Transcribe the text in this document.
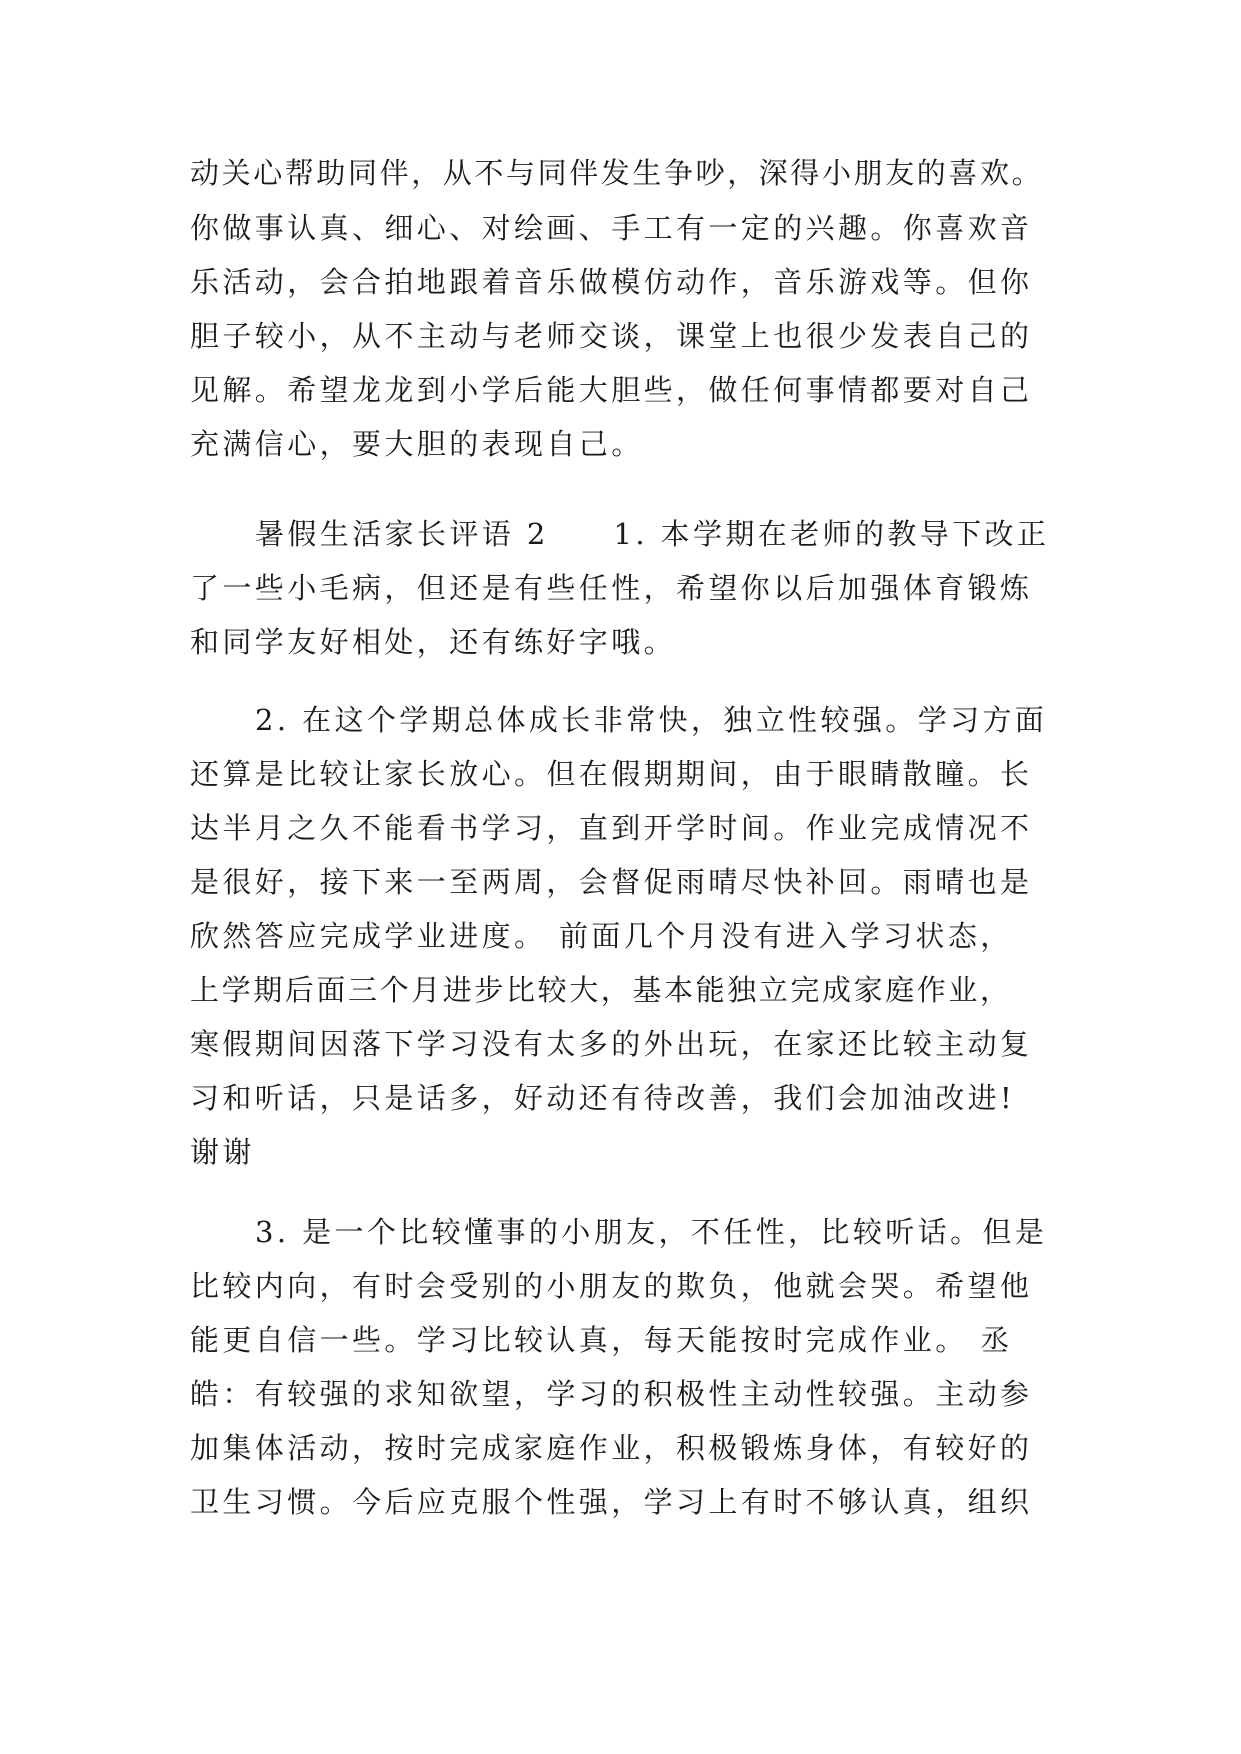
动关心帮助同伴，从不与同伴发生争吵，深得小朋友的喜欢。
你做事认真、细心、对绘画、手工有一定的兴趣。你喜欢音
乐活动，会合拍地跟着音乐做模仿动作，音乐游戏等。但你
胆子较小，从不主动与老师交谈，课堂上也很少发表自己的
见解。希望龙龙到小学后能大胆些，做任何事情都要对自己
充满信心，要大胆的表现自己。
暑假生活家长评语 2　　1. 本学期在老师的教导下改正
了一些小毛病，但还是有些任性，希望你以后加强体育锻炼
和同学友好相处，还有练好字哦。
2. 在这个学期总体成长非常快，独立性较强。学习方面
还算是比较让家长放心。但在假期期间，由于眼睛散瞳。长
达半月之久不能看书学习，直到开学时间。作业完成情况不
是很好，接下来一至两周，会督促雨晴尽快补回。雨晴也是
欣然答应完成学业进度。 前面几个月没有进入学习状态，
上学期后面三个月进步比较大，基本能独立完成家庭作业，
寒假期间因落下学习没有太多的外出玩，在家还比较主动复
习和听话，只是话多，好动还有待改善，我们会加油改进!
谢谢
3. 是一个比较懂事的小朋友，不任性，比较听话。但是
比较内向，有时会受别的小朋友的欺负，他就会哭。希望他
能更自信一些。学习比较认真，每天能按时完成作业。 丞
皓：有较强的求知欲望，学习的积极性主动性较强。主动参
加集体活动，按时完成家庭作业，积极锻炼身体，有较好的
卫生习惯。今后应克服个性强，学习上有时不够认真，组织
